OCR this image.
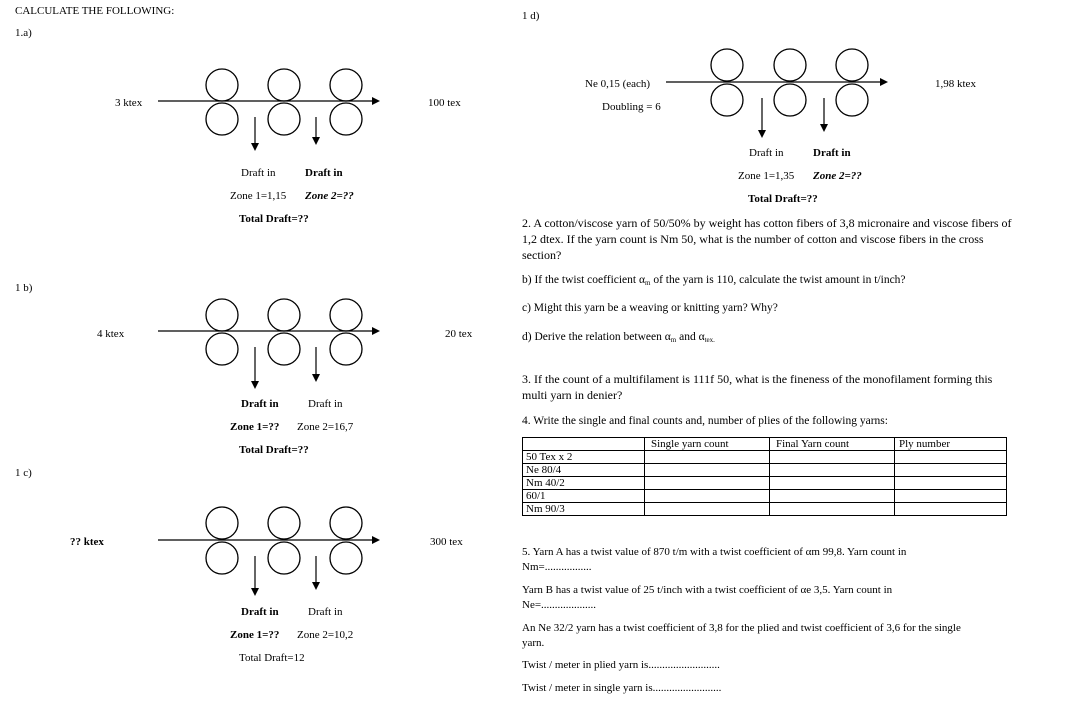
CALCULATE THE FOLLOWING:
1.a)
3 ktex	100 tex
Draft in	Draft in
Zone 1=1,15 Zone 2=??
Total Draft=??
1 b)
4 ktex	20 tex
Draft in	Draft in
Zone 1=?? Zone 2=16,7
Total Draft=??
1 c)
?? ktex	300 tex
Draft in	Draft in
Zone 1=?? Zone 2=10,2
Total Draft=12
1 d)
Ne 0,15 (each)
Doubling = 6
1,98 ktex
Draft in	Draft in
Zone 1=1,35 Zone 2=??
Total Draft=??
2. A cotton/viscose yarn of 50/50% by weight has cotton fibers of 3,8 micronaire and viscose fibers of 1,2 dtex. If the yarn count is Nm 50, what is the number of cotton and viscose fibers in the cross section?
b) If the twist coefficient $\alpha_m$ of the yarn is 110, calculate the twist amount in t/inch?
c) Might this yarn be a weaving or knitting yarn? Why?
d) Derive the relation between $\alpha_m$ and $\alpha_{tex.}$
3. If the count of a multifilament is 111f 50, what is the fineness of the monofilament forming this multi yarn in denier?
4. Write the single and final counts and, number of plies of the following yarns:
	Single yarn count	Final Yarn count	Ply number
50 Tex x 2			
Ne 80/4			
Nm 40/2			
60/1			
Nm 90/3			
5. Yarn A has a twist value of 870 t/m with a twist coefficient of αm 99,8. Yarn count in
Nm=.................
Yarn B has a twist value of 25 t/inch with a twist coefficient of αe 3,5. Yarn count in
Ne=....................
An Ne 32/2 yarn has a twist coefficient of 3,8 for the plied and twist coefficient of 3,6 for the single
yarn.
Twist / meter in plied yarn is..........................
Twist / meter in single yarn is.........................
